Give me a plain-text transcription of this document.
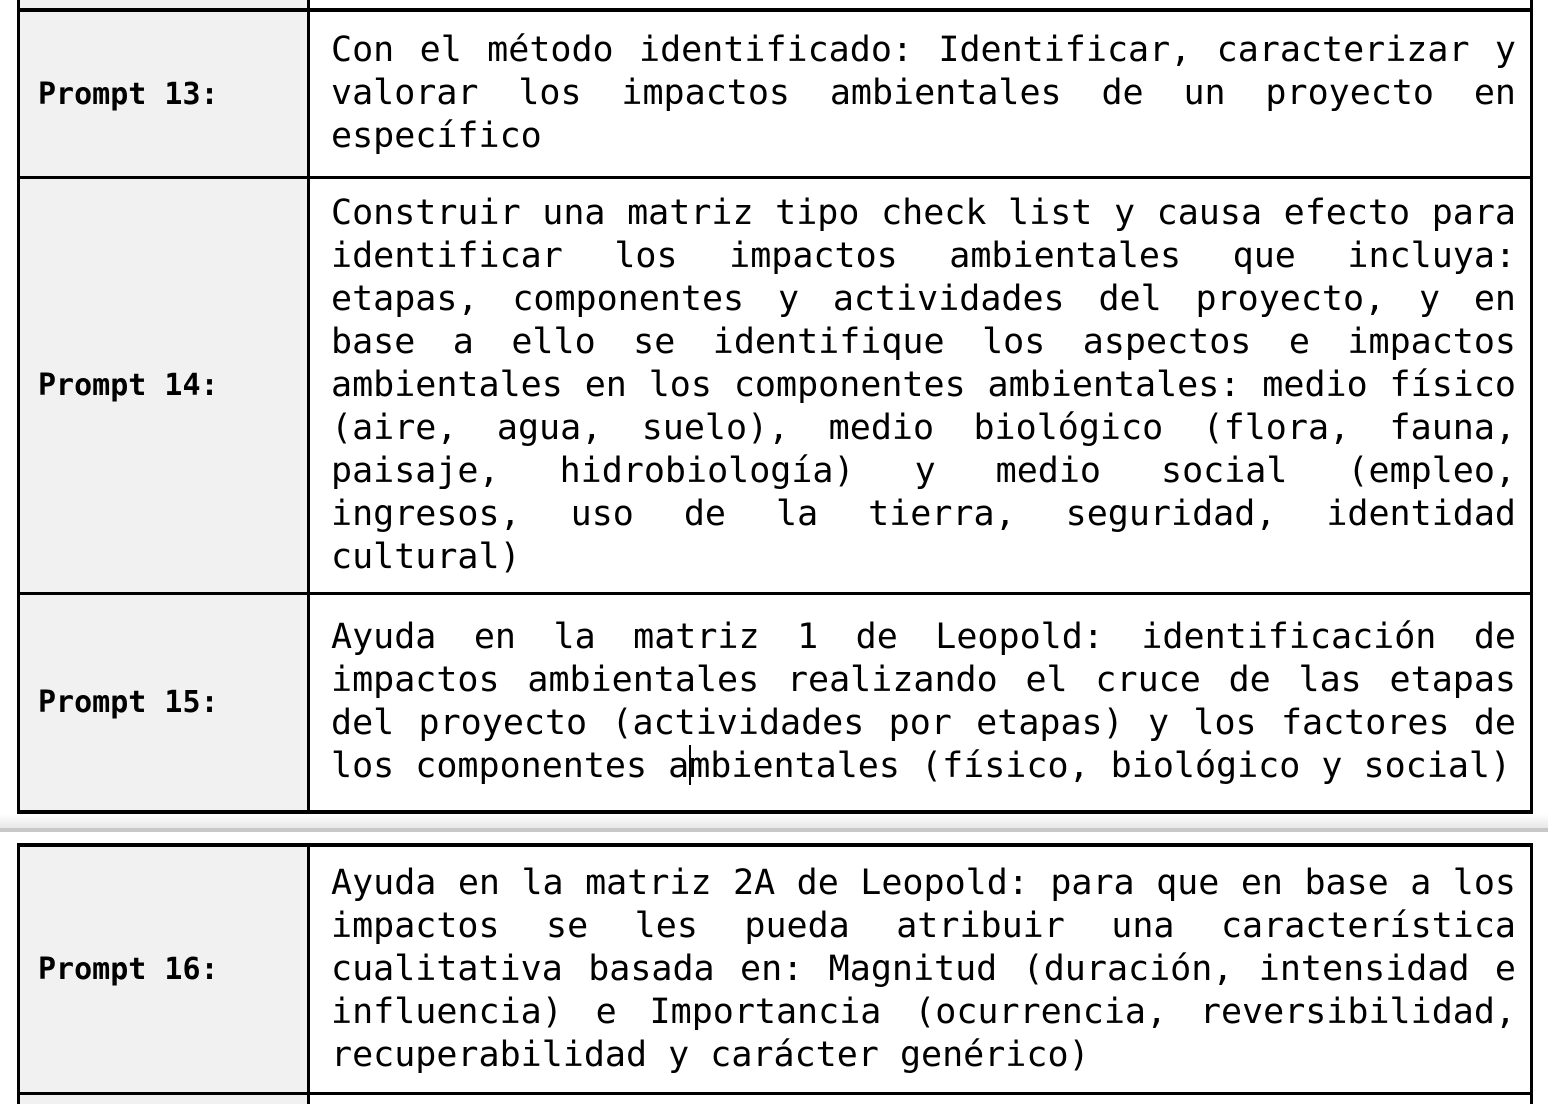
Prompt 13:
Con el método identificado: Identificar, caracterizar y valorar los impactos ambientales de un proyecto en específico
Prompt 14:
Construir una matriz tipo check list y causa efecto para identificar los impactos ambientales que incluya: etapas, componentes y actividades del proyecto, y en base a ello se identifique los aspectos e impactos ambientales en los componentes ambientales: medio físico (aire, agua, suelo), medio biológico (flora, fauna, paisaje, hidrobiología) y medio social (empleo, ingresos, uso de la tierra, seguridad, identidad cultural)
Prompt 15:
Ayuda en la matriz 1 de Leopold: identificación de impactos ambientales realizando el cruce de las etapas del proyecto (actividades por etapas) y los factores de los componentes ambientales (físico, biológico y social)
Prompt 16:
Ayuda en la matriz 2A de Leopold: para que en base a los impactos se les pueda atribuir una característica cualitativa basada en: Magnitud (duración, intensidad e influencia) e Importancia (ocurrencia, reversibilidad, recuperabilidad y carácter genérico)
